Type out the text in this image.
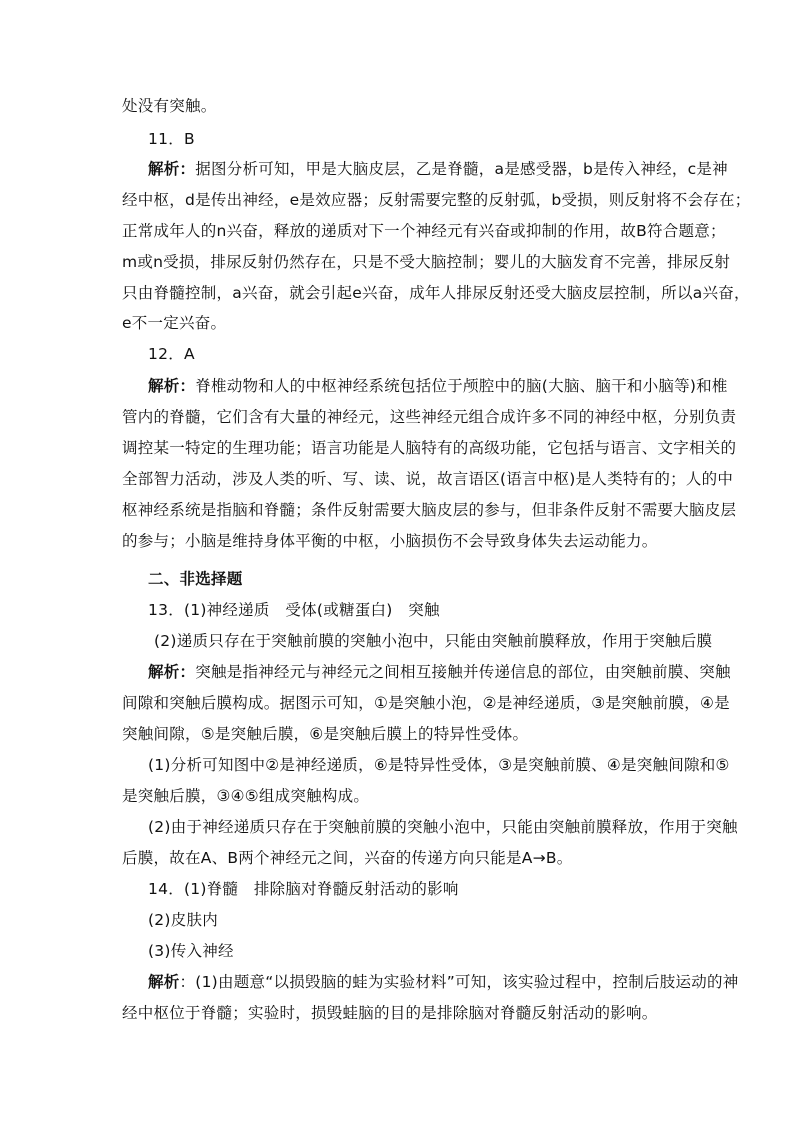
处没有突触。
11．B
解析：据图分析可知，甲是大脑皮层，乙是脊髓，a是感受器，b是传入神经，c是神
经中枢，d是传出神经，e是效应器；反射需要完整的反射弧，b受损，则反射将不会存在；
正常成年人的n兴奋，释放的递质对下一个神经元有兴奋或抑制的作用，故B符合题意；
m或n受损，排尿反射仍然存在，只是不受大脑控制；婴儿的大脑发育不完善，排尿反射
只由脊髓控制，a兴奋，就会引起e兴奋，成年人排尿反射还受大脑皮层控制，所以a兴奋，
e不一定兴奋。
12．A
解析：脊椎动物和人的中枢神经系统包括位于颅腔中的脑(大脑、脑干和小脑等)和椎
管内的脊髓，它们含有大量的神经元，这些神经元组合成许多不同的神经中枢，分别负责
调控某一特定的生理功能；语言功能是人脑特有的高级功能，它包括与语言、文字相关的
全部智力活动，涉及人类的听、写、读、说，故言语区(语言中枢)是人类特有的；人的中
枢神经系统是指脑和脊髓；条件反射需要大脑皮层的参与，但非条件反射不需要大脑皮层
的参与；小脑是维持身体平衡的中枢，小脑损伤不会导致身体失去运动能力。
二、非选择题
13．(1)神经递质　受体(或糖蛋白)　突触
(2)递质只存在于突触前膜的突触小泡中，只能由突触前膜释放，作用于突触后膜
解析：突触是指神经元与神经元之间相互接触并传递信息的部位，由突触前膜、突触
间隙和突触后膜构成。据图示可知，①是突触小泡，②是神经递质，③是突触前膜，④是
突触间隙，⑤是突触后膜，⑥是突触后膜上的特异性受体。
(1)分析可知图中②是神经递质，⑥是特异性受体，③是突触前膜、④是突触间隙和⑤
是突触后膜，③④⑤组成突触构成。
(2)由于神经递质只存在于突触前膜的突触小泡中，只能由突触前膜释放，作用于突触
后膜，故在A、B两个神经元之间，兴奋的传递方向只能是A→B。
14．(1)脊髓　排除脑对脊髓反射活动的影响
(2)皮肤内
(3)传入神经
解析：(1)由题意“以损毁脑的蛙为实验材料”可知，该实验过程中，控制后肢运动的神
经中枢位于脊髓；实验时，损毁蛙脑的目的是排除脑对脊髓反射活动的影响。
